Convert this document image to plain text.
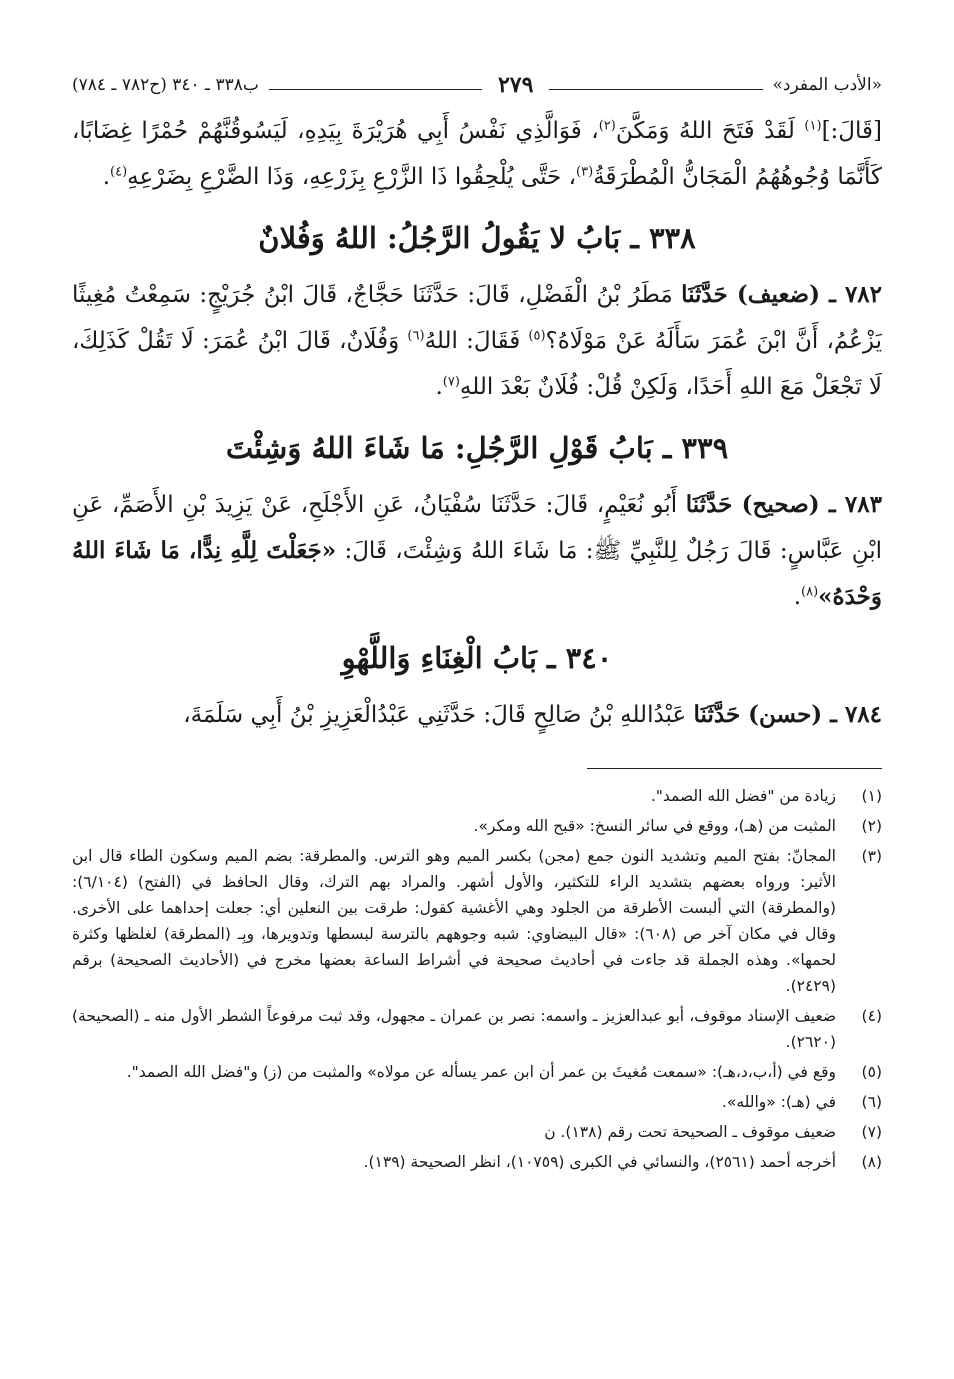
«الأدب المفرد»
٢٧٩
ب٣٣٨ ـ ٣٤٠ (ح٧٨٢ ـ ٧٨٤)

[قَالَ:]$^{(١)}$ لَقَدْ فَتَحَ اللهُ وَمَكَّنَ$^{(٢)}$، فَوَالَّذِي نَفْسُ أَبِي هُرَيْرَةَ بِيَدِهِ، لَيَسُوقُنَّهُمْ حُمْرًا غِضَابًا، كَأَنَّمَا وُجُوهُهُمُ الْمَجَانُّ الْمُطْرَقَةُ$^{(٣)}$، حَتَّى يُلْحِقُوا ذَا الزَّرْعِ بِزَرْعِهِ، وَذَا الضَّرْعِ بِضَرْعِهِ$^{(٤)}$.

٣٣٨ ـ بَابُ لا يَقُولُ الرَّجُلُ: اللهُ وَفُلانٌ

٧٨٢ ـ (ضعيف) حَدَّثَنَا مَطَرُ بْنُ الْفَضْلِ، قَالَ: حَدَّثَنَا حَجَّاجٌ، قَالَ ابْنُ جُرَيْجٍ: سَمِعْتُ مُغِيثًا يَزْعُمُ، أَنَّ ابْنَ عُمَرَ سَأَلَهُ عَنْ مَوْلَاهُ؟$^{(٥)}$ فَقَالَ: اللهُ$^{(٦)}$ وَفُلَانٌ، قَالَ ابْنُ عُمَرَ: لَا تَقُلْ كَذَلِكَ، لَا تَجْعَلْ مَعَ اللهِ أَحَدًا، وَلَكِنْ قُلْ: فُلَانٌ بَعْدَ اللهِ$^{(٧)}$.

٣٣٩ ـ بَابُ قَوْلِ الرَّجُلِ: مَا شَاءَ اللهُ وَشِئْتَ

٧٨٣ ـ (صحيح) حَدَّثَنَا أَبُو نُعَيْمٍ، قَالَ: حَدَّثَنَا سُفْيَانُ، عَنِ الأَجْلَحِ، عَنْ يَزِيدَ بْنِ الأَصَمِّ، عَنِ ابْنِ عَبَّاسٍ: قَالَ رَجُلٌ لِلنَّبِيِّ ﷺ: مَا شَاءَ اللهُ وَشِئْتَ، قَالَ: «جَعَلْتَ لِلَّهِ نِدًّا، مَا شَاءَ اللهُ وَحْدَهُ»$^{(٨)}$.

٣٤٠ ـ بَابُ الْغِنَاءِ وَاللَّهْوِ

٧٨٤ ـ (حسن) حَدَّثَنَا عَبْدُاللهِ بْنُ صَالِحٍ قَالَ: حَدَّثَنِي عَبْدُالْعَزِيزِ بْنُ أَبِي سَلَمَةَ،

(١)
زيادة من "فضل الله الصمد".
(٢)
المثبت من (هـ)، ووقع في سائر النسخ: «قبح الله ومكر».
(٣)
المجانّ: بفتح الميم وتشديد النون جمع (مجن) بكسر الميم وهو الترس. والمطرقة: بضم الميم وسكون الطاء قال ابن الأثير: ورواه بعضهم بتشديد الراء للتكثير، والأول أشهر. والمراد بهم الترك، وقال الحافظ في (الفتح) (٦/١٠٤): (والمطرقة) التي ألبست الأطرقة من الجلود وهي الأغشية كقول: طرقت بين النعلين أي: جعلت إحداهما على الأخرى. وقال في مكان آخر ص (٦٠٨): «قال البيضاوي: شبه وجوههم بالترسة لبسطها وتدويرها، وبِـ (المطرقة) لغلظها وكثرة لحمها». وهذه الجملة قد جاءت في أحاديث صحيحة في أشراط الساعة بعضها مخرج في (الأحاديث الصحيحة) برقم (٢٤٢٩).
(٤)
ضعيف الإسناد موقوف، أبو عبدالعزيز ـ واسمه: نصر بن عمران ـ مجهول، وقد ثبت مرفوعاً الشطر الأول منه ـ (الصحيحة) (٢٦٢٠).
(٥)
وقع في (أ،ب،د،هـ): «سمعت مُغيثَ بن عمر أن ابن عمر يسأله عن مولاه» والمثبت من (ز) و"فضل الله الصمد".
(٦)
في (هـ): «والله».
(٧)
ضعيف موقوف ـ الصحيحة تحت رقم (١٣٨). ن
(٨)
أخرجه أحمد (٢٥٦١)، والنسائي في الكبرى (١٠٧٥٩)، انظر الصحيحة (١٣٩).
